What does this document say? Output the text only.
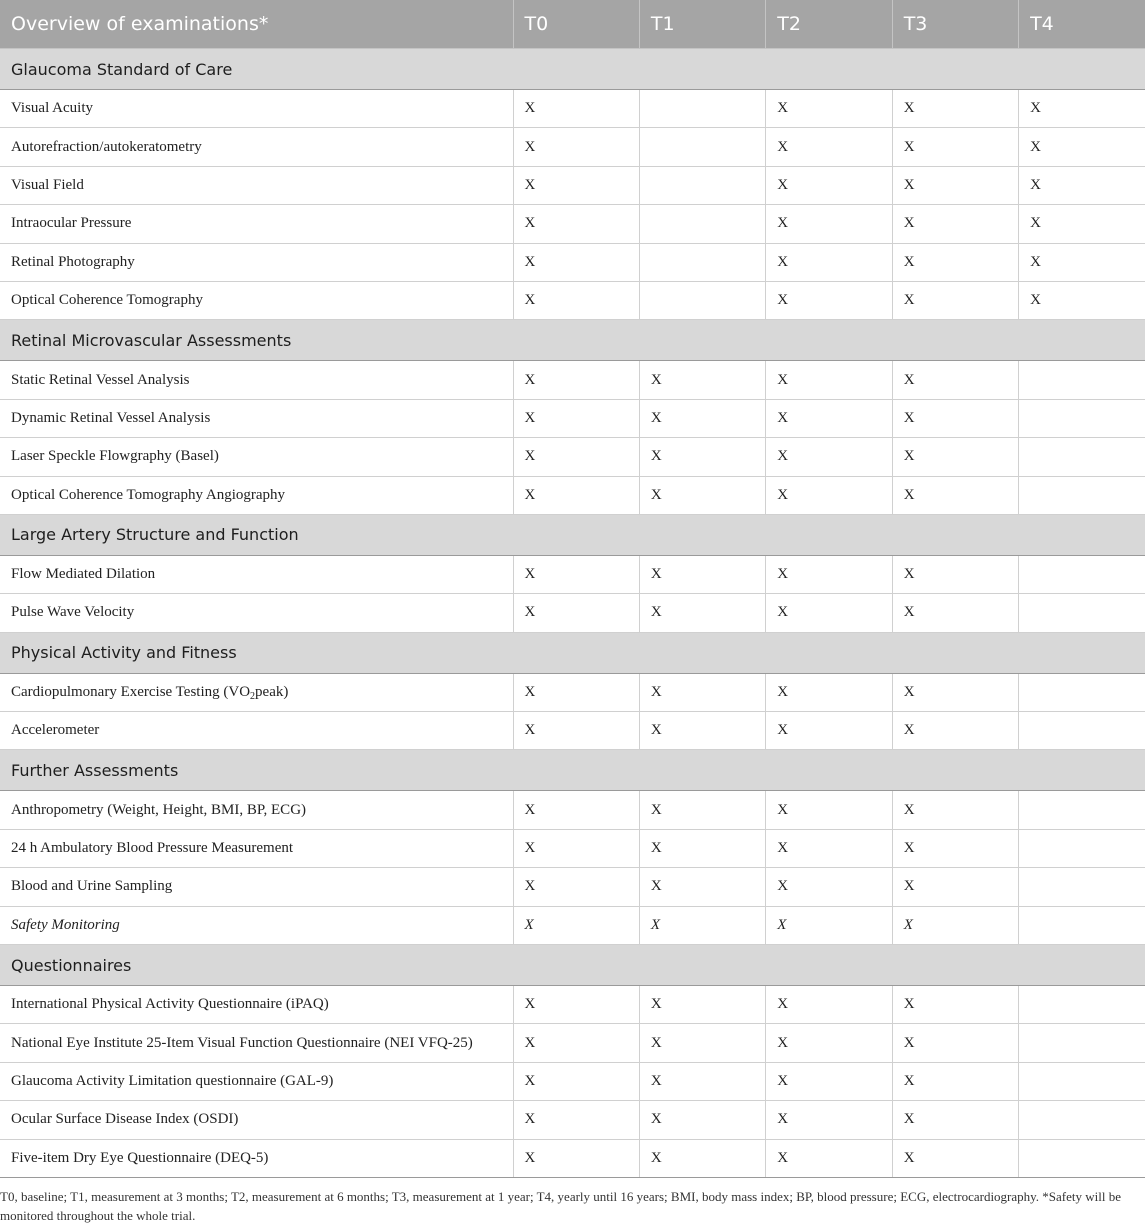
Overview of examinations*	T0	T1	T2	T3	T4
Glaucoma Standard of Care					
Visual Acuity	X		X	X	X
Autorefraction/autokeratometry	X		X	X	X
Visual Field	X		X	X	X
Intraocular Pressure	X		X	X	X
Retinal Photography	X		X	X	X
Optical Coherence Tomography	X		X	X	X
Retinal Microvascular Assessments					
Static Retinal Vessel Analysis	X	X	X	X	
Dynamic Retinal Vessel Analysis	X	X	X	X	
Laser Speckle Flowgraphy (Basel)	X	X	X	X	
Optical Coherence Tomography Angiography	X	X	X	X	
Large Artery Structure and Function					
Flow Mediated Dilation	X	X	X	X	
Pulse Wave Velocity	X	X	X	X	
Physical Activity and Fitness					
Cardiopulmonary Exercise Testing $(VO_2peak)$	X	X	X	X	
Accelerometer	X	X	X	X	
Further Assessments					
Anthropometry (Weight, Height, BMI, BP, ECG)	X	X	X	X	
24 h Ambulatory Blood Pressure Measurement	X	X	X	X	
Blood and Urine Sampling	X	X	X	X	
Safety Monitoring	X	X	X	X	
Questionnaires					
International Physical Activity Questionnaire (iPAQ)	X	X	X	X	
National Eye Institute 25-Item Visual Function Questionnaire (NEI VFQ-25)	X	X	X	X	
Glaucoma Activity Limitation questionnaire (GAL-9)	X	X	X	X	
Ocular Surface Disease Index (OSDI)	X	X	X	X	
Five-item Dry Eye Questionnaire (DEQ-5)	X	X	X	X	
T0, baseline; T1, measurement at 3 months; T2, measurement at 6 months; T3, measurement at 1 year; T4, yearly until 16 years; BMI, body mass index; BP, blood pressure; ECG, electrocardiography. *Safety will be monitored throughout the whole trial.
